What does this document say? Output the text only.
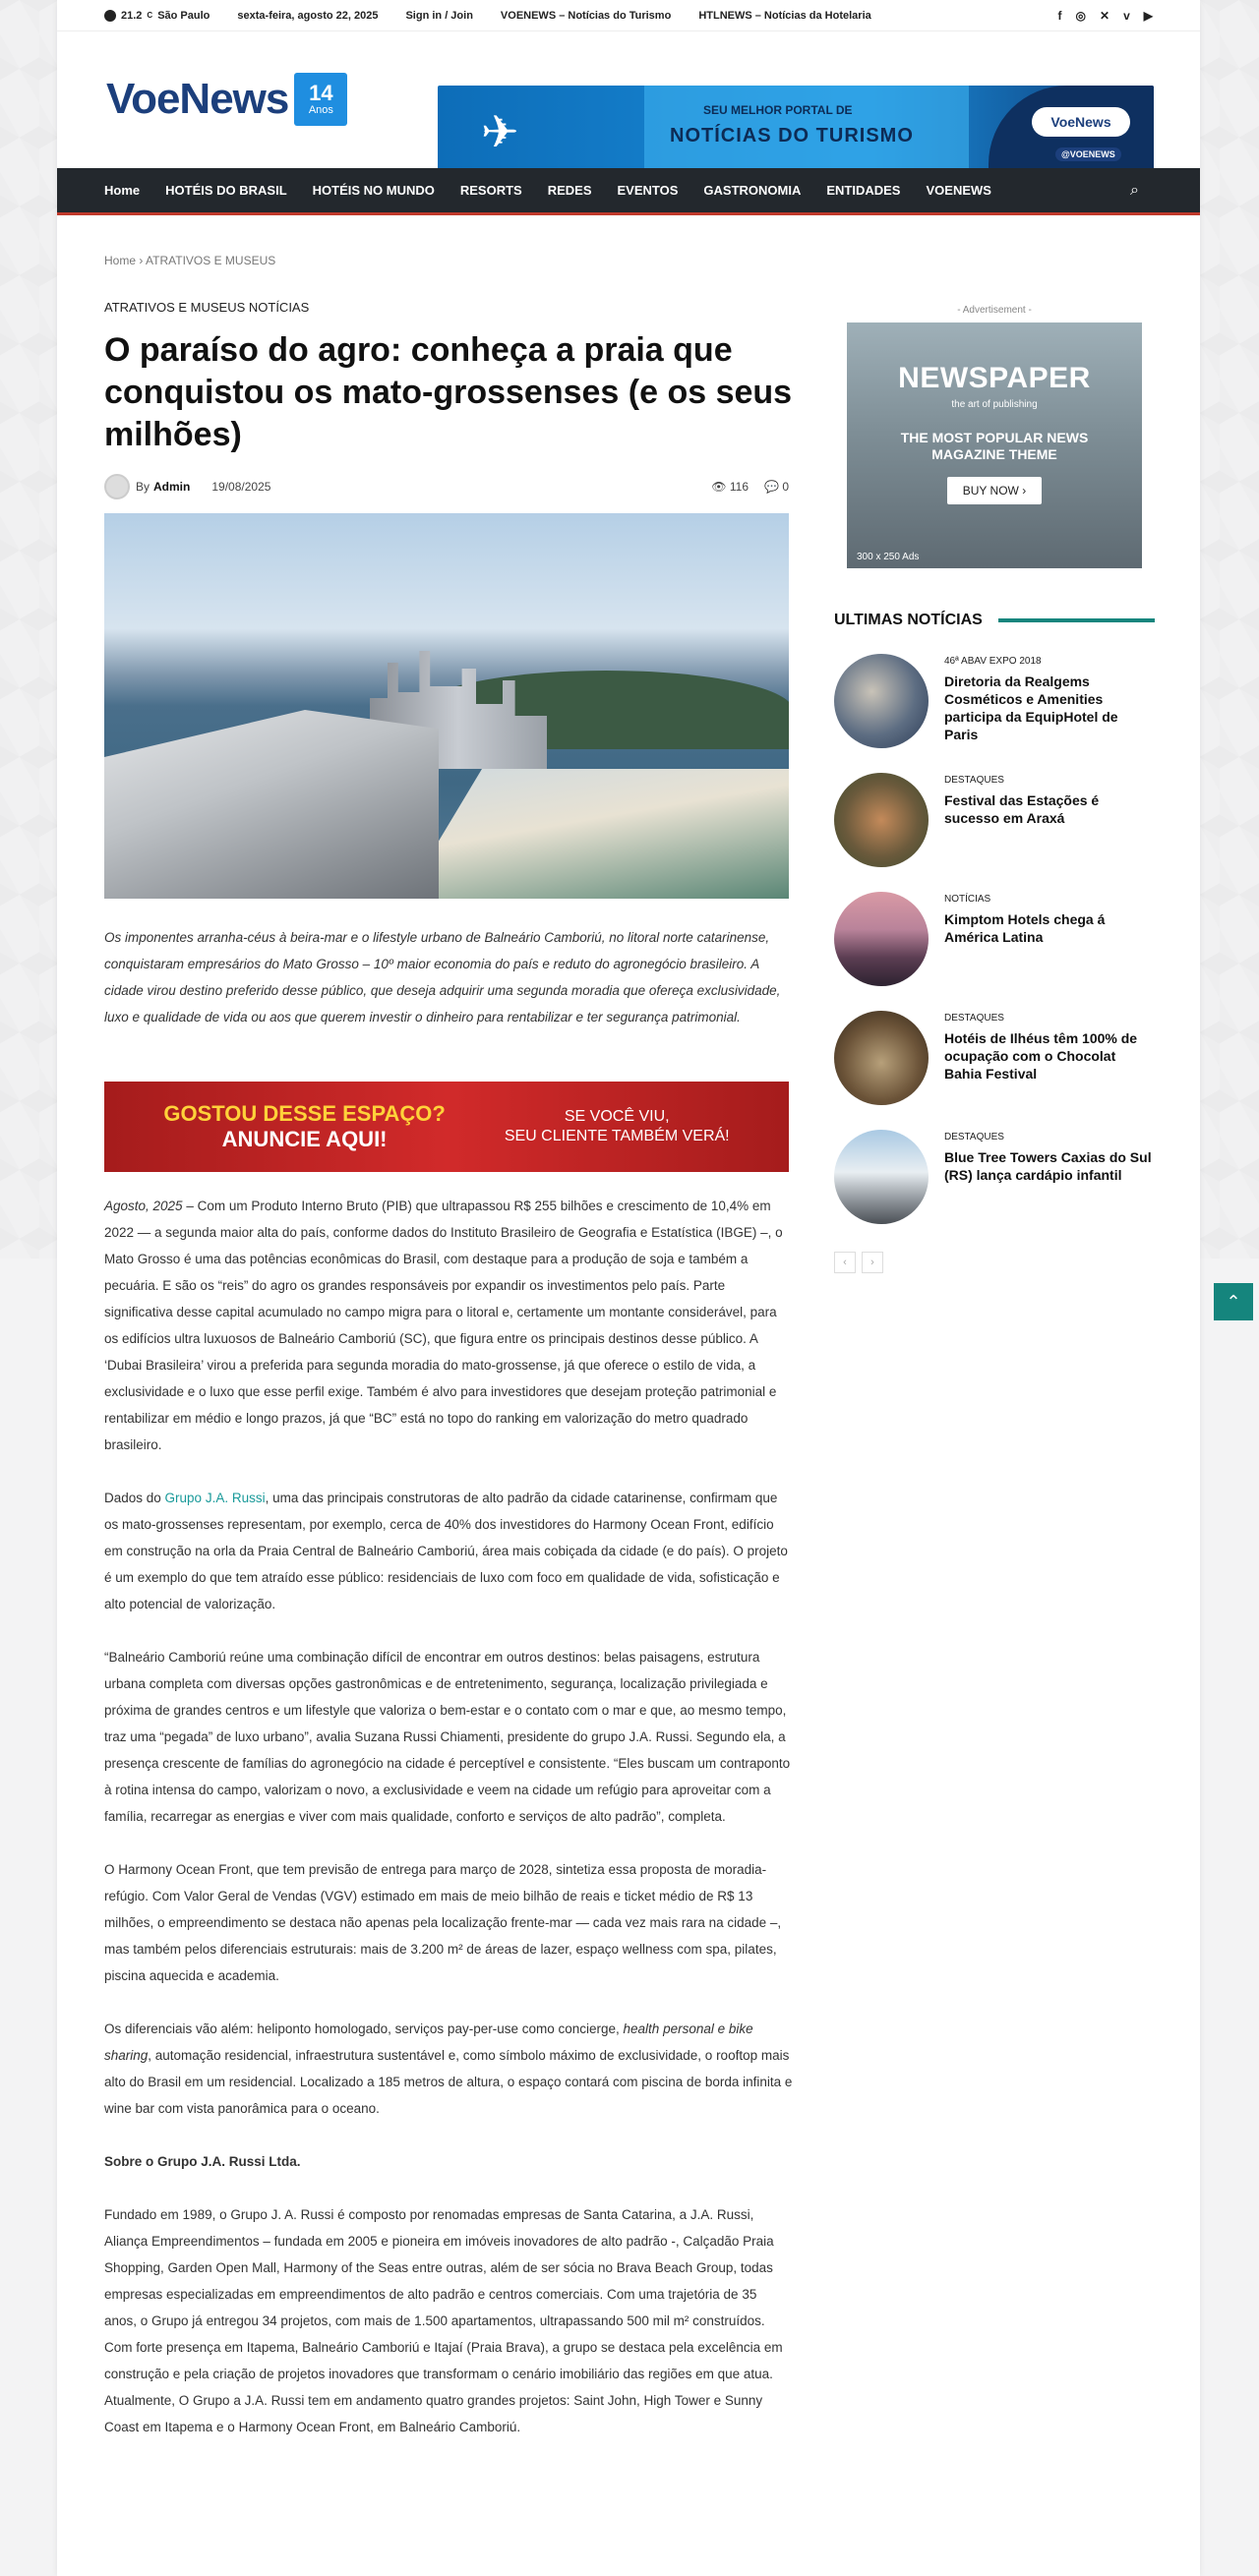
21.2 C São Paulo	sexta-feira, agosto 22, 2025	Sign in / Join	VOENEWS – Notícias do Turismo	HTLNEWS – Notícias da Hotelaria	f ◎ ✕ v ▶
VoeNews 14
Anos	✈	SEU MELHOR PORTAL DE
NOTÍCIAS DO TURISMO
VoeNews
@VOENEWS
Home HOTÉIS DO BRASIL HOTÉIS NO MUNDO RESORTS REDES EVENTOS GASTRONOMIA ENTIDADES VOENEWS	⌕
Home › ATRATIVOS E MUSEUS
ATRATIVOS E MUSEUS NOTÍCIAS
O paraíso do agro: conheça a praia que conquistou os mato-grossenses (e os seus milhões)
By Admin 19/08/2025	👁 116 💬 0

Os imponentes arranha-céus à beira-mar e o lifestyle urbano de Balneário Camboriú, no litoral norte catarinense, conquistaram empresários do Mato Grosso – 10º maior economia do país e reduto do agronegócio brasileiro. A cidade virou destino preferido desse público, que deseja adquirir uma segunda moradia que ofereça exclusividade, luxo e qualidade de vida ou aos que querem investir o dinheiro para rentabilizar e ter segurança patrimonial.

GOSTOU DESSE ESPAÇO?
ANUNCIE AQUI!
SE VOCÊ VIU,
SEU CLIENTE TAMBÉM VERÁ!

Agosto, 2025 – Com um Produto Interno Bruto (PIB) que ultrapassou R$ 255 bilhões e crescimento de 10,4% em 2022 — a segunda maior alta do país, conforme dados do Instituto Brasileiro de Geografia e Estatística (IBGE) –, o Mato Grosso é uma das potências econômicas do Brasil, com destaque para a produção de soja e também a pecuária. E são os “reis” do agro os grandes responsáveis por expandir os investimentos pelo país. Parte significativa desse capital acumulado no campo migra para o litoral e, certamente um montante considerável, para os edifícios ultra luxuosos de Balneário Camboriú (SC), que figura entre os principais destinos desse público. A ‘Dubai Brasileira’ virou a preferida para segunda moradia do mato-grossense, já que oferece o estilo de vida, a exclusividade e o luxo que esse perfil exige. Também é alvo para investidores que desejam proteção patrimonial e rentabilizar em médio e longo prazos, já que “BC” está no topo do ranking em valorização do metro quadrado brasileiro.

Dados do Grupo J.A. Russi, uma das principais construtoras de alto padrão da cidade catarinense, confirmam que os mato-grossenses representam, por exemplo, cerca de 40% dos investidores do Harmony Ocean Front, edifício em construção na orla da Praia Central de Balneário Camboriú, área mais cobiçada da cidade (e do país). O projeto é um exemplo do que tem atraído esse público: residenciais de luxo com foco em qualidade de vida, sofisticação e alto potencial de valorização.

“Balneário Camboriú reúne uma combinação difícil de encontrar em outros destinos: belas paisagens, estrutura urbana completa com diversas opções gastronômicas e de entretenimento, segurança, localização privilegiada e próxima de grandes centros e um lifestyle que valoriza o bem-estar e o contato com o mar e que, ao mesmo tempo, traz uma “pegada” de luxo urbano”, avalia Suzana Russi Chiamenti, presidente do grupo J.A. Russi. Segundo ela, a presença crescente de famílias do agronegócio na cidade é perceptível e consistente. “Eles buscam um contraponto à rotina intensa do campo, valorizam o novo, a exclusividade e veem na cidade um refúgio para aproveitar com a família, recarregar as energias e viver com mais qualidade, conforto e serviços de alto padrão”, completa.

O Harmony Ocean Front, que tem previsão de entrega para março de 2028, sintetiza essa proposta de moradia-refúgio. Com Valor Geral de Vendas (VGV) estimado em mais de meio bilhão de reais e ticket médio de R$ 13 milhões, o empreendimento se destaca não apenas pela localização frente-mar — cada vez mais rara na cidade –, mas também pelos diferenciais estruturais: mais de 3.200 m² de áreas de lazer, espaço wellness com spa, pilates, piscina aquecida e academia.

Os diferenciais vão além: heliponto homologado, serviços pay-per-use como concierge, health personal e bike sharing, automação residencial, infraestrutura sustentável e, como símbolo máximo de exclusividade, o rooftop mais alto do Brasil em um residencial. Localizado a 185 metros de altura, o espaço contará com piscina de borda infinita e wine bar com vista panorâmica para o oceano.

Sobre o Grupo J.A. Russi Ltda.

Fundado em 1989, o Grupo J. A. Russi é composto por renomadas empresas de Santa Catarina, a J.A. Russi, Aliança Empreendimentos – fundada em 2005 e pioneira em imóveis inovadores de alto padrão -, Calçadão Praia Shopping, Garden Open Mall, Harmony of the Seas entre outras, além de ser sócia no Brava Beach Group, todas empresas especializadas em empreendimentos de alto padrão e centros comerciais. Com uma trajetória de 35 anos, o Grupo já entregou 34 projetos, com mais de 1.500 apartamentos, ultrapassando 500 mil m² construídos. Com forte presença em Itapema, Balneário Camboriú e Itajaí (Praia Brava), a grupo se destaca pela excelência em construção e pela criação de projetos inovadores que transformam o cenário imobiliário das regiões em que atua. Atualmente, O Grupo a J.A. Russi tem em andamento quatro grandes projetos: Saint John, High Tower e Sunny Coast em Itapema e o Harmony Ocean Front, em Balneário Camboriú.

- Advertisement -
NEWSPAPER
the art of publishing
THE MOST POPULAR NEWS
MAGAZINE THEME
BUY NOW ›
300 x 250 Ads
ULTIMAS NOTÍCIAS
46ª ABAV EXPO 2018
Diretoria da Realgems Cosméticos e Amenities participa da EquipHotel de Paris
DESTAQUES
Festival das Estações é sucesso em Araxá
NOTÍCIAS
Kimptom Hotels chega á América Latina
DESTAQUES
Hotéis de Ilhéus têm 100% de ocupação com o Chocolat Bahia Festival
DESTAQUES
Blue Tree Towers Caxias do Sul (RS) lança cardápio infantil
‹	›
⌃
